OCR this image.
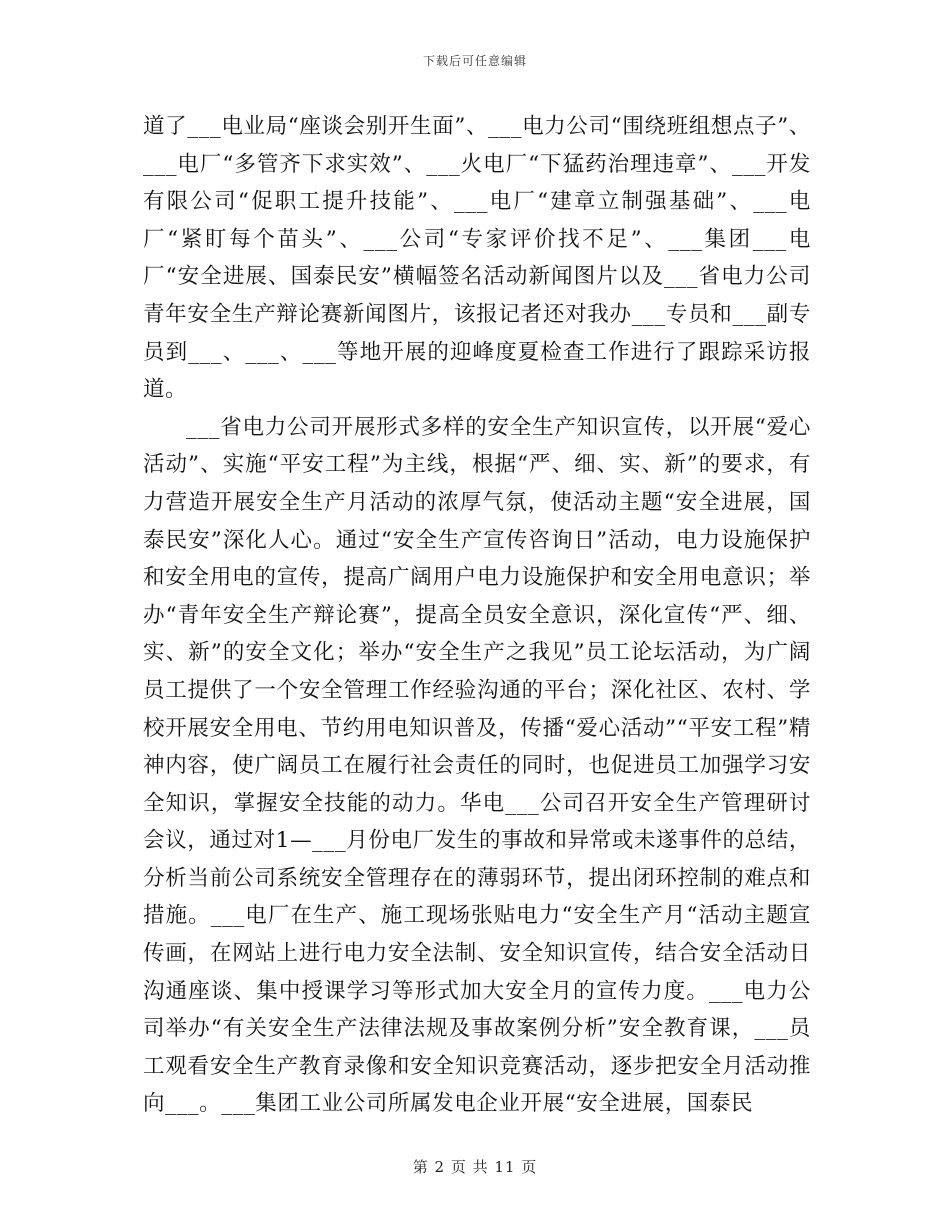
下载后可任意编辑

道了___电业局“座谈会别开生面”、___电力公司“围绕班组想点子”、___电厂“多管齐下求实效”、___火电厂“下猛药治理违章”、___开发有限公司“促职工提升技能”、___电厂“建章立制强基础”、___电厂“紧盯每个苗头”、___公司“专家评价找不足”、___集团___电厂“安全进展、国泰民安”横幅签名活动新闻图片以及___省电力公司青年安全生产辩论赛新闻图片，该报记者还对我办___专员和___副专员到___、___、___等地开展的迎峰度夏检查工作进行了跟踪采访报道。

___省电力公司开展形式多样的安全生产知识宣传，以开展“爱心活动”、实施“平安工程”为主线，根据“严、细、实、新”的要求，有力营造开展安全生产月活动的浓厚气氛，使活动主题“安全进展，国泰民安”深化人心。通过“安全生产宣传咨询日”活动，电力设施保护和安全用电的宣传，提高广阔用户电力设施保护和安全用电意识；举办“青年安全生产辩论赛”，提高全员安全意识，深化宣传“严、细、实、新”的安全文化；举办“安全生产之我见”员工论坛活动，为广阔员工提供了一个安全管理工作经验沟通的平台；深化社区、农村、学校开展安全用电、节约用电知识普及，传播“爱心活动”“平安工程”精神内容，使广阔员工在履行社会责任的同时，也促进员工加强学习安全知识，掌握安全技能的动力。华电___公司召开安全生产管理研讨会议，通过对1—___月份电厂发生的事故和异常或未遂事件的总结，分析当前公司系统安全管理存在的薄弱环节，提出闭环控制的难点和措施。___电厂在生产、施工现场张贴电力“安全生产月“活动主题宣传画，在网站上进行电力安全法制、安全知识宣传，结合安全活动日沟通座谈、集中授课学习等形式加大安全月的宣传力度。___电力公司举办“有关安全生产法律法规及事故案例分析”安全教育课，___员工观看安全生产教育录像和安全知识竞赛活动，逐步把安全月活动推向___。___集团工业公司所属发电企业开展“安全进展，国泰民

第 2 页 共 11 页
